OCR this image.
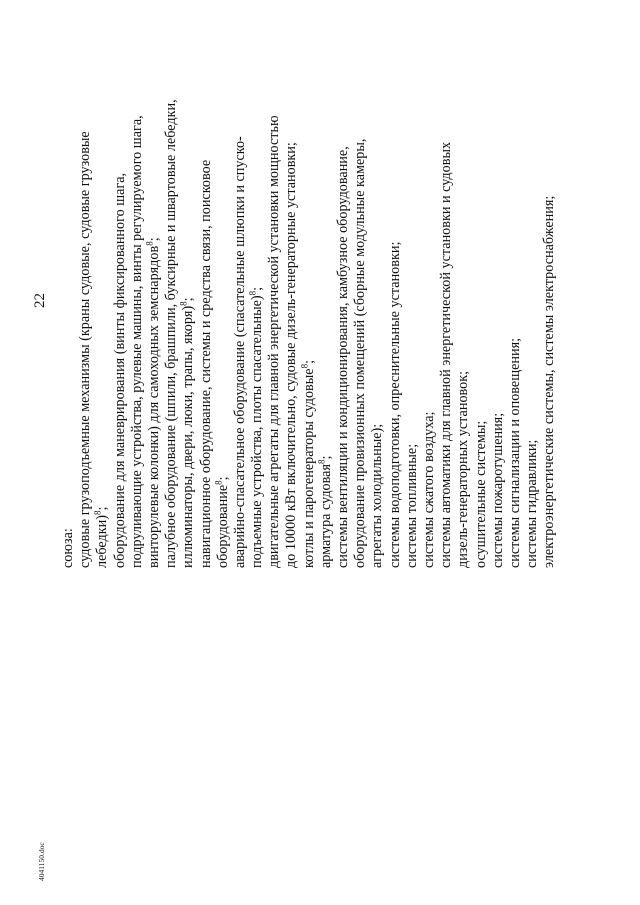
22
союза: судовые грузоподъемные механизмы (краны судовые, судовые грузовые лебедки)$^8$; оборудование для маневрирования (винты фиксированного шага, подруливающие устройства, рулевые машины, винты регулируемого шага, винторулевые колонки) для самоходных земснарядов$^8$; палубное оборудование (шпили, брашпили, буксирные и швартовые лебедки, иллюминаторы, двери, люки, трапы, якоря)$^8$; навигационное оборудование, системы и средства связи, поисковое оборудование$^8$; аварийно-спасательное оборудование (спасательные шлюпки и спуско- подъемные устройства, плоты спасательные)$^8$; двигательные агрегаты для главной энергетической установки мощностью до 10000 кВт включительно, судовые дизель-генераторные установки; котлы и парогенераторы судовые$^8$;
арматура судовая$^8$; системы вентиляции и кондиционирования, камбузное оборудование, оборудование провизионных помещений (сборные модульные камеры, агрегаты холодильные); системы водоподготовки, опреснительные установки; системы топливные; системы сжатого воздуха; системы автоматики для главной энергетической установки и судовых дизель-генераторных установок; осушительные системы; системы пожаротушения; системы сигнализации и оповещения; системы гидравлики; электроэнергетические системы, системы электроснабжения;
4041150.doc
